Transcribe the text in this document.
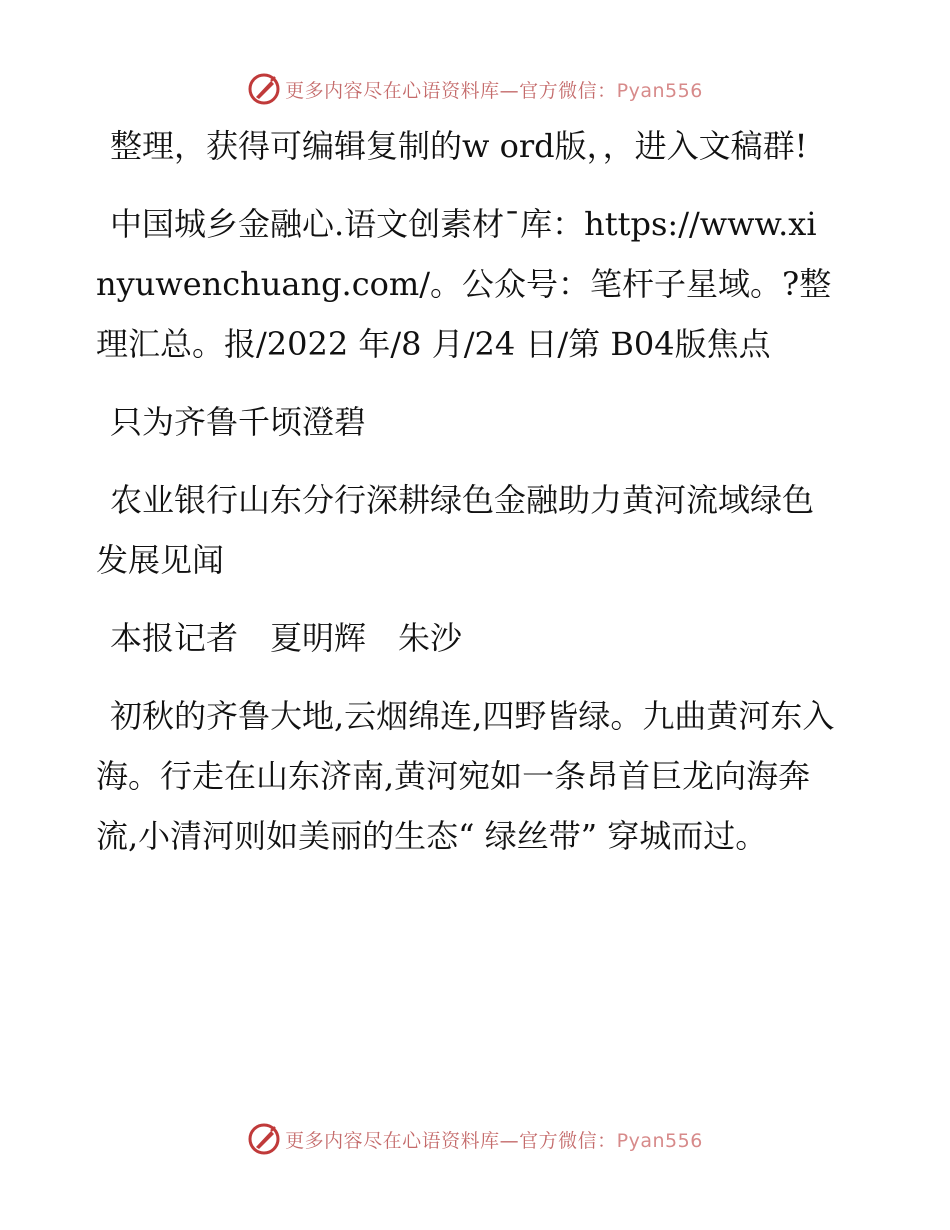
更多内容尽在心语资料库—官方微信：Pyan556

整理，获得可编辑复制的w ord版，，进入文稿群!

中国城乡金融心.语文创素材¯库：https://www.xinyuwenchuang.com/。公众号：笔杆子星域。?整理汇总。报/2022 年/8 月/24 日/第 B04版焦点

只为齐鲁千顷澄碧

农业银行山东分行深耕绿色金融助力黄河流域绿色发展见闻

本报记者　夏明辉　朱沙

初秋的齐鲁大地,云烟绵连,四野皆绿。九曲黄河东入海。行走在山东济南,黄河宛如一条昂首巨龙向海奔流,小清河则如美丽的生态“ 绿丝带” 穿城而过。

更多内容尽在心语资料库—官方微信：Pyan556
